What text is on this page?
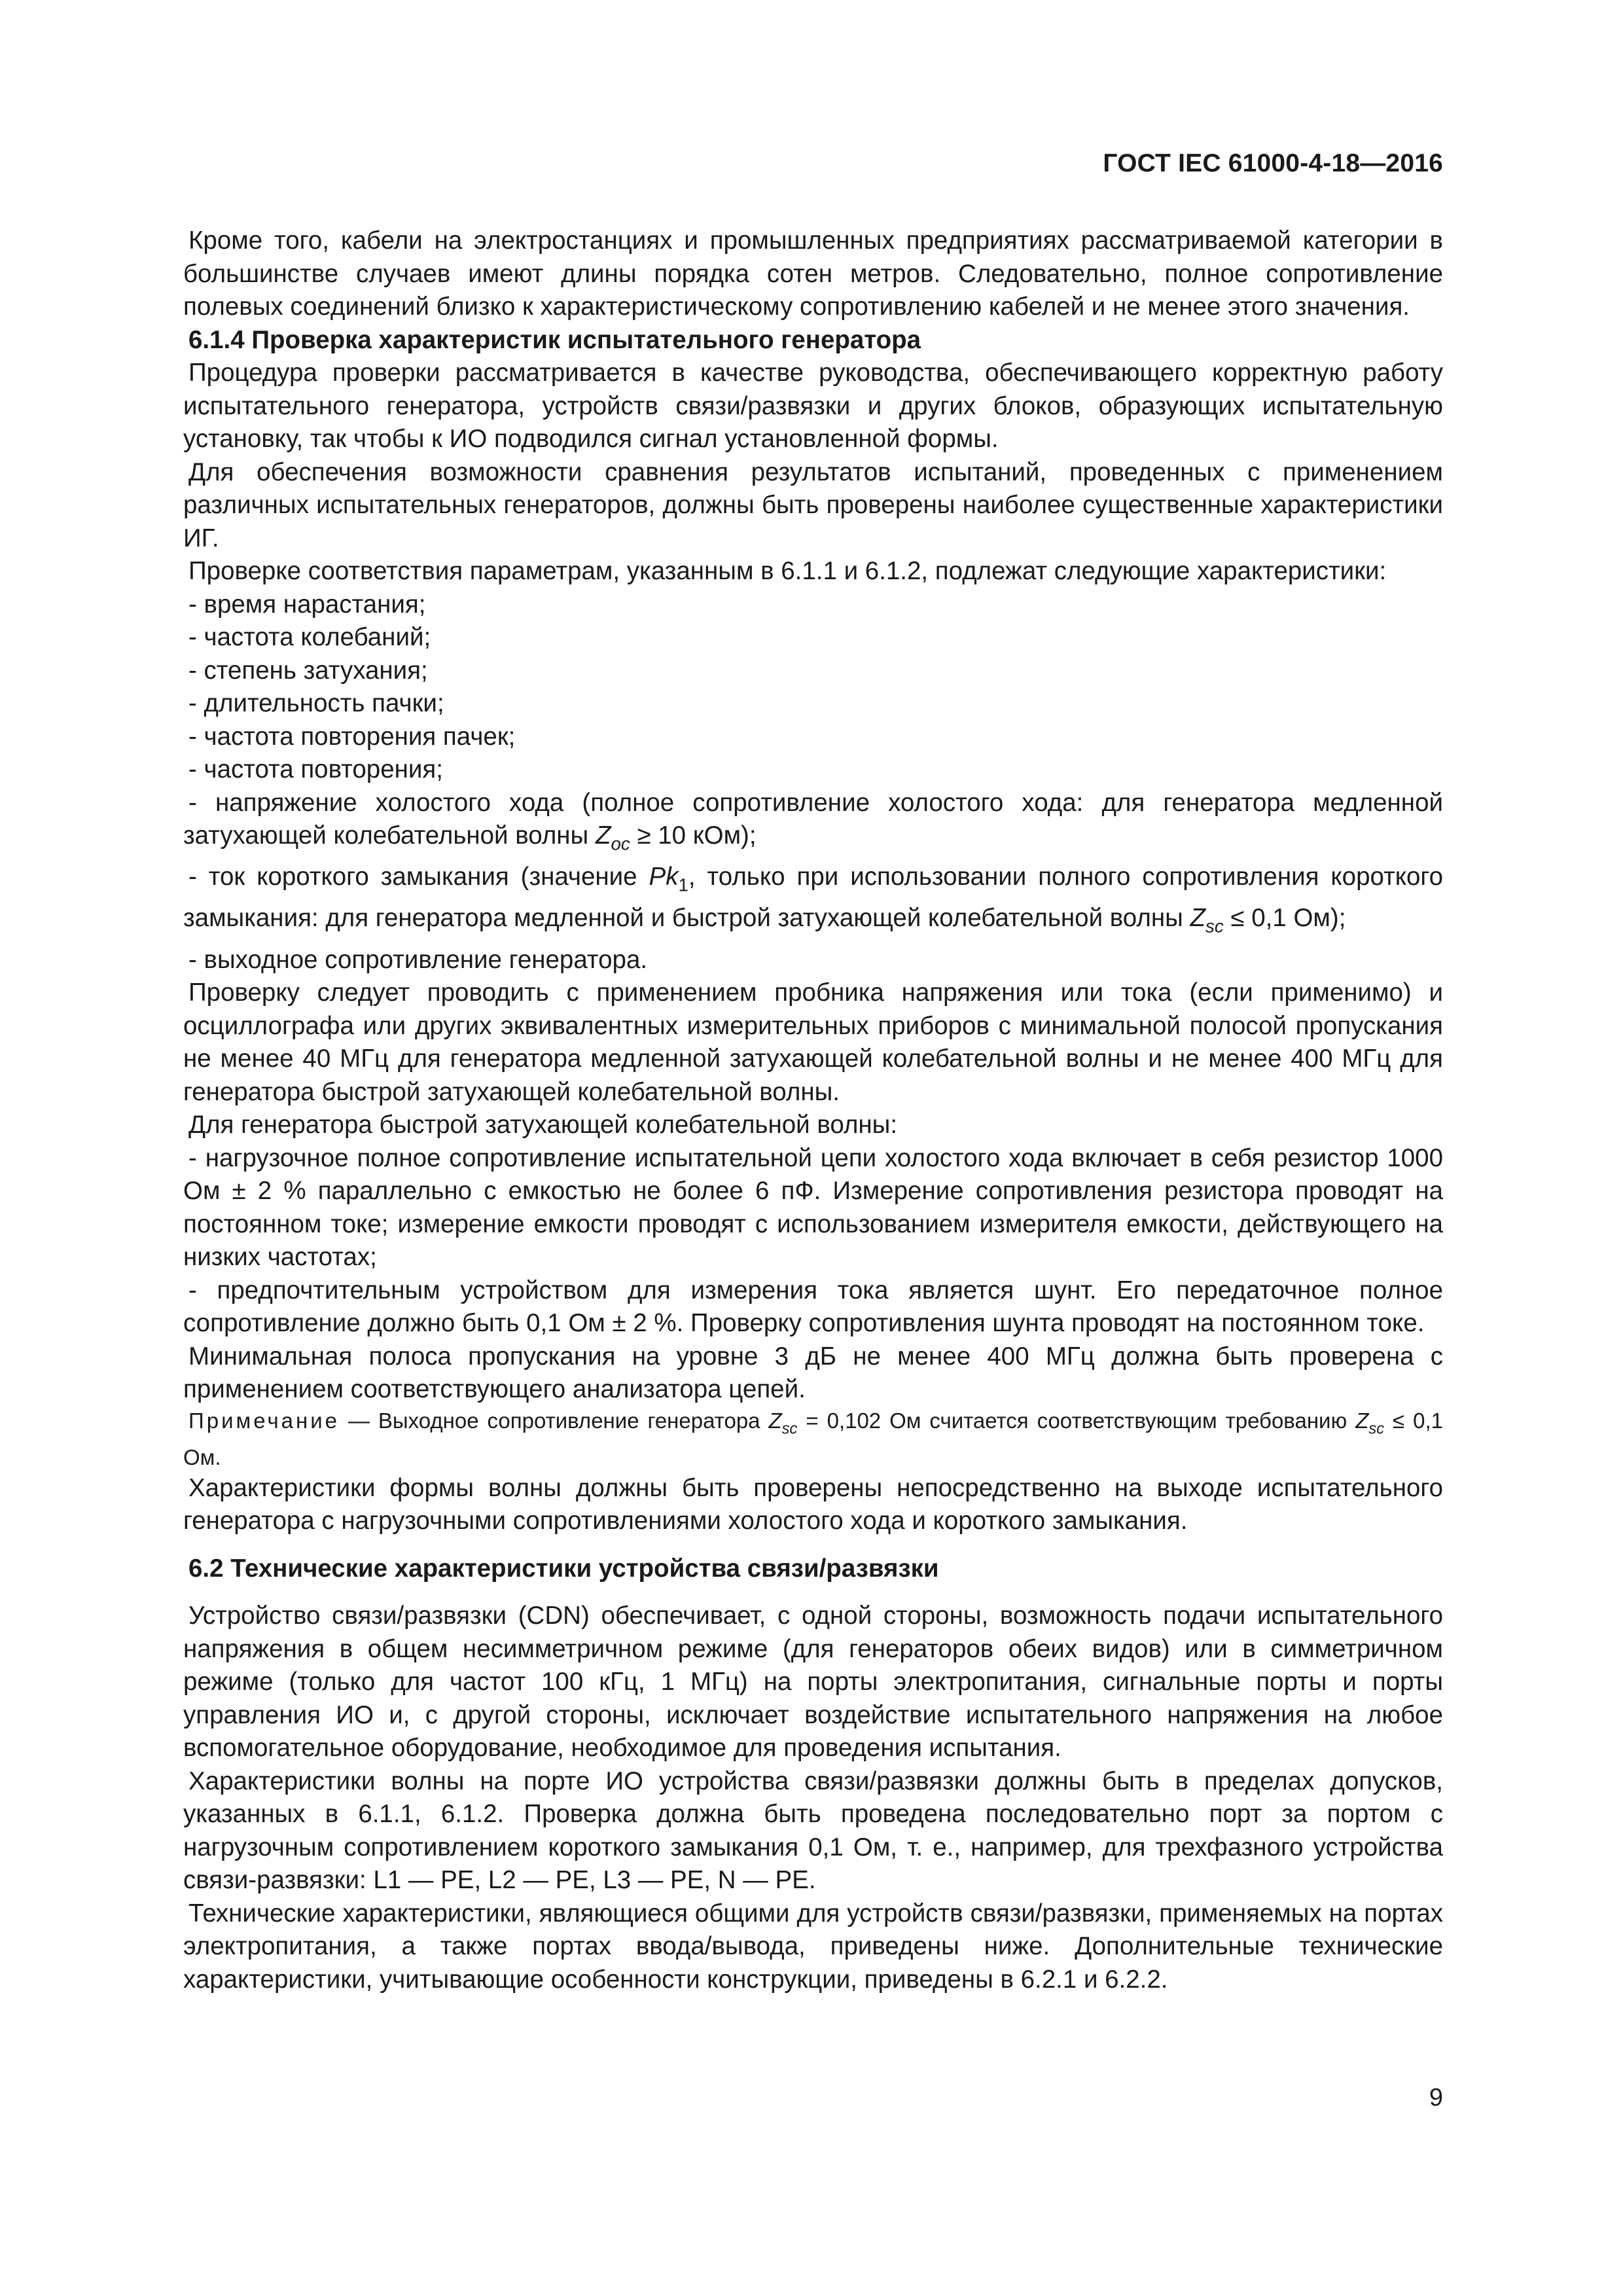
ГОСТ IEC 61000-4-18—2016

Кроме того, кабели на электростанциях и промышленных предприятиях рассматриваемой категории в большинстве случаев имеют длины порядка сотен метров. Следовательно, полное сопротивление полевых соединений близко к характеристическому сопротивлению кабелей и не менее этого значения.

6.1.4 Проверка характеристик испытательного генератора

Процедура проверки рассматривается в качестве руководства, обеспечивающего корректную работу испытательного генератора, устройств связи/развязки и других блоков, образующих испытательную установку, так чтобы к ИО подводился сигнал установленной формы.

Для обеспечения возможности сравнения результатов испытаний, проведенных с применением различных испытательных генераторов, должны быть проверены наиболее существенные характеристики ИГ.

Проверке соответствия параметрам, указанным в 6.1.1 и 6.1.2, подлежат следующие характеристики:

- время нарастания;
- частота колебаний;
- степень затухания;
- длительность пачки;
- частота повторения пачек;
- частота повторения;

- напряжение холостого хода (полное сопротивление холостого хода: для генератора медленной затухающей колебательной волны $Z_{oc} \ge 10$ кОм);

- ток короткого замыкания (значение $Pk_1$, только при использовании полного сопротивления короткого замыкания: для генератора медленной и быстрой затухающей колебательной волны $Z_{sc} \le 0,1$ Ом);

- выходное сопротивление генератора.

Проверку следует проводить с применением пробника напряжения или тока (если применимо) и осциллографа или других эквивалентных измерительных приборов с минимальной полосой пропускания не менее 40 МГц для генератора медленной затухающей колебательной волны и не менее 400 МГц для генератора быстрой затухающей колебательной волны.

Для генератора быстрой затухающей колебательной волны:

- нагрузочное полное сопротивление испытательной цепи холостого хода включает в себя резистор 1000 Ом ± 2 % параллельно с емкостью не более 6 пФ. Измерение сопротивления резистора проводят на постоянном токе; измерение емкости проводят с использованием измерителя емкости, действующего на низких частотах;

- предпочтительным устройством для измерения тока является шунт. Его передаточное полное сопротивление должно быть 0,1 Ом ± 2 %. Проверку сопротивления шунта проводят на постоянном токе.

Минимальная полоса пропускания на уровне 3 дБ не менее 400 МГц должна быть проверена с применением соответствующего анализатора цепей.

Примечание — Выходное сопротивление генератора $Z_{sc} = 0,102$ Ом считается соответствующим требованию $Z_{sc} \le 0,1$ Ом.

Характеристики формы волны должны быть проверены непосредственно на выходе испытательного генератора с нагрузочными сопротивлениями холостого хода и короткого замыкания.

6.2 Технические характеристики устройства связи/развязки

Устройство связи/развязки (CDN) обеспечивает, с одной стороны, возможность подачи испытательного напряжения в общем несимметричном режиме (для генераторов обеих видов) или в симметричном режиме (только для частот 100 кГц, 1 МГц) на порты электропитания, сигнальные порты и порты управления ИО и, с другой стороны, исключает воздействие испытательного напряжения на любое вспомогательное оборудование, необходимое для проведения испытания.

Характеристики волны на порте ИО устройства связи/развязки должны быть в пределах допусков, указанных в 6.1.1, 6.1.2. Проверка должна быть проведена последовательно порт за портом с нагрузочным сопротивлением короткого замыкания 0,1 Ом, т. е., например, для трехфазного устройства связи-развязки: L1 — PE, L2 — PE, L3 — PE, N — PE.

Технические характеристики, являющиеся общими для устройств связи/развязки, применяемых на портах электропитания, а также портах ввода/вывода, приведены ниже. Дополнительные технические характеристики, учитывающие особенности конструкции, приведены в 6.2.1 и 6.2.2.

9
